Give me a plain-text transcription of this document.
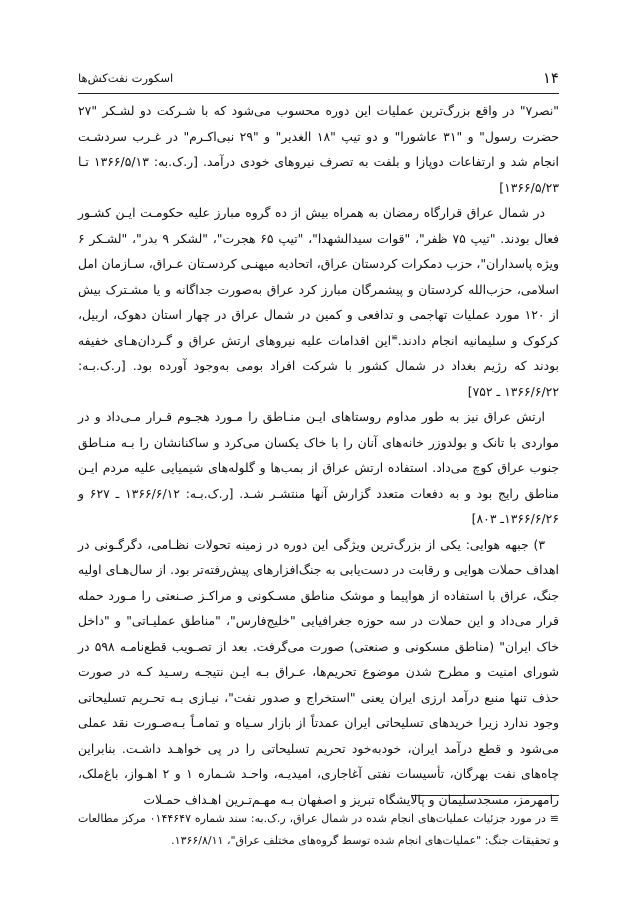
۱۴
اسکورت نفت‌کش‌ها

"نصر۷" در واقع بزرگ‌ترین عملیات این دوره محسوب می‌شود که با شـرکت دو لشـکر "۲۷ حضرت رسول" و "۳۱ عاشورا" و دو تیپ "۱۸ الغدیر" و "۲۹ نبی‌اکـرم" در غـرب سردشـت انجام شد و ارتفاعات دوپازا و بلفت به تصرف نیروهای خودی درآمد. [ر.ک.به: ۱۳۶۶/۵/۱۳ تـا ۱۳۶۶/۵/۲۳]

در شمال عراق قرارگاه رمضان به همراه بیش از ده گروه مبارز علیه حکومـت ایـن کشـور فعال بودند. "تیپ ۷۵ ظفر"، "قوات سیدالشهدا"، "تیپ ۶۵ هجرت"، "لشکر ۹ بدر"، "لشـکر ۶ ویژه پاسداران"، حزب دمکرات کردستان عراق، اتحادیه میهنـی کردسـتان عـراق، سـازمان امل اسلامی، حزب‌الله کردستان و پیشمرگان مبارز کرد عراق به‌صورت جداگانه و یا مشـترک بیش از ۱۲۰ مورد عملیات تهاجمی و تدافعی و کمین در شمال عراق در چهار استان دهوک، اربیل، کرکوک و سلیمانیه انجام دادند.≅این اقدامات علیه نیروهای ارتش عراق و گـردان‌هـای خفیفه بودند که رژیم بغداد در شمال کشور با شرکت افراد بومی به‌وجود آورده بود. [ر.ک.بـه: ۱۳۶۶/۶/۲۲ ـ ۷۵۲]

ارتش عراق نیز به طور مداوم روستاهای ایـن منـاطق را مـورد هجـوم قـرار مـی‌داد و در مواردی با تانک و بولدوزر خانه‌های آنان را با خاک یکسان می‌کرد و ساکنانشان را بـه منـاطق جنوب عراق کوچ می‌داد. استفاده ارتش عراق از بمب‌ها و گلوله‌های شیمیایی علیه مردم ایـن مناطق رایج بود و به دفعات متعدد گزارش آنها منتشـر شـد. [ر.ک.بـه: ۱۳۶۶/۶/۱۲ ـ ۶۲۷ و ۱۳۶۶/۶/۲۶ـ ۸۰۳]

۳) جبهه هوایی: یکی از بزرگ‌ترین ویژگی این دوره در زمینه تحولات نظـامی، دگرگـونی در اهداف حملات هوایی و رقابت در دست‌یابی به جنگ‌افزارهای پیش‌رفته‌تر بود. از سال‌هـای اولیه جنگ، عراق با استفاده از هواپیما و موشک مناطق مسـکونی و مراکـز صـنعتی را مـورد حمله قرار می‌داد و این حملات در سه حوزه جغرافیایی "خلیج‌فارس"، "مناطق عملیـاتی" و "داخل خاک ایران" (مناطق مسکونی و صنعتی) صورت می‌گرفت. بعد از تصـویب قطع‌نامـه ۵۹۸ در شورای امنیت و مطرح شدن موضوع تحریم‌ها، عـراق بـه ایـن نتیجـه رسـید کـه در صورت حذف تنها منبع درآمد ارزی ایران یعنی "استخراج و صدور نفت"، نیـازی بـه تحـریم تسلیحاتی وجود ندارد زیرا خریدهای تسلیحاتی ایران عمدتاً از بازار سـیاه و تمامـاً بـه‌صـورت نقد عملی می‌شود و قطع درآمد ایران، خودبه‌خود تحریم تسلیحاتی را در پی خواهـد داشـت. بنابراین چاه‌های نفت بهرگان، تأسیسات نفتی آغاجاری، امیدیـه، واحـد شـماره ۱ و ۲ اهـواز، باغ‌ملک، رامهرمز، مسجدسلیمان و پالایشگاه تبریز و اصفهان بـه مهـم‌تـرین اهـداف حمـلات

≅ در مورد جزئیات عملیات‌های انجام شده در شمال عراق، ر.ک.به: سند شماره ۰۱۴۴۶۴۷ مرکز مطالعات و تحقیقات جنگ: "عملیات‌های انجام شده توسط گروه‌های مختلف عراق"، ۱۳۶۶/۸/۱۱.
